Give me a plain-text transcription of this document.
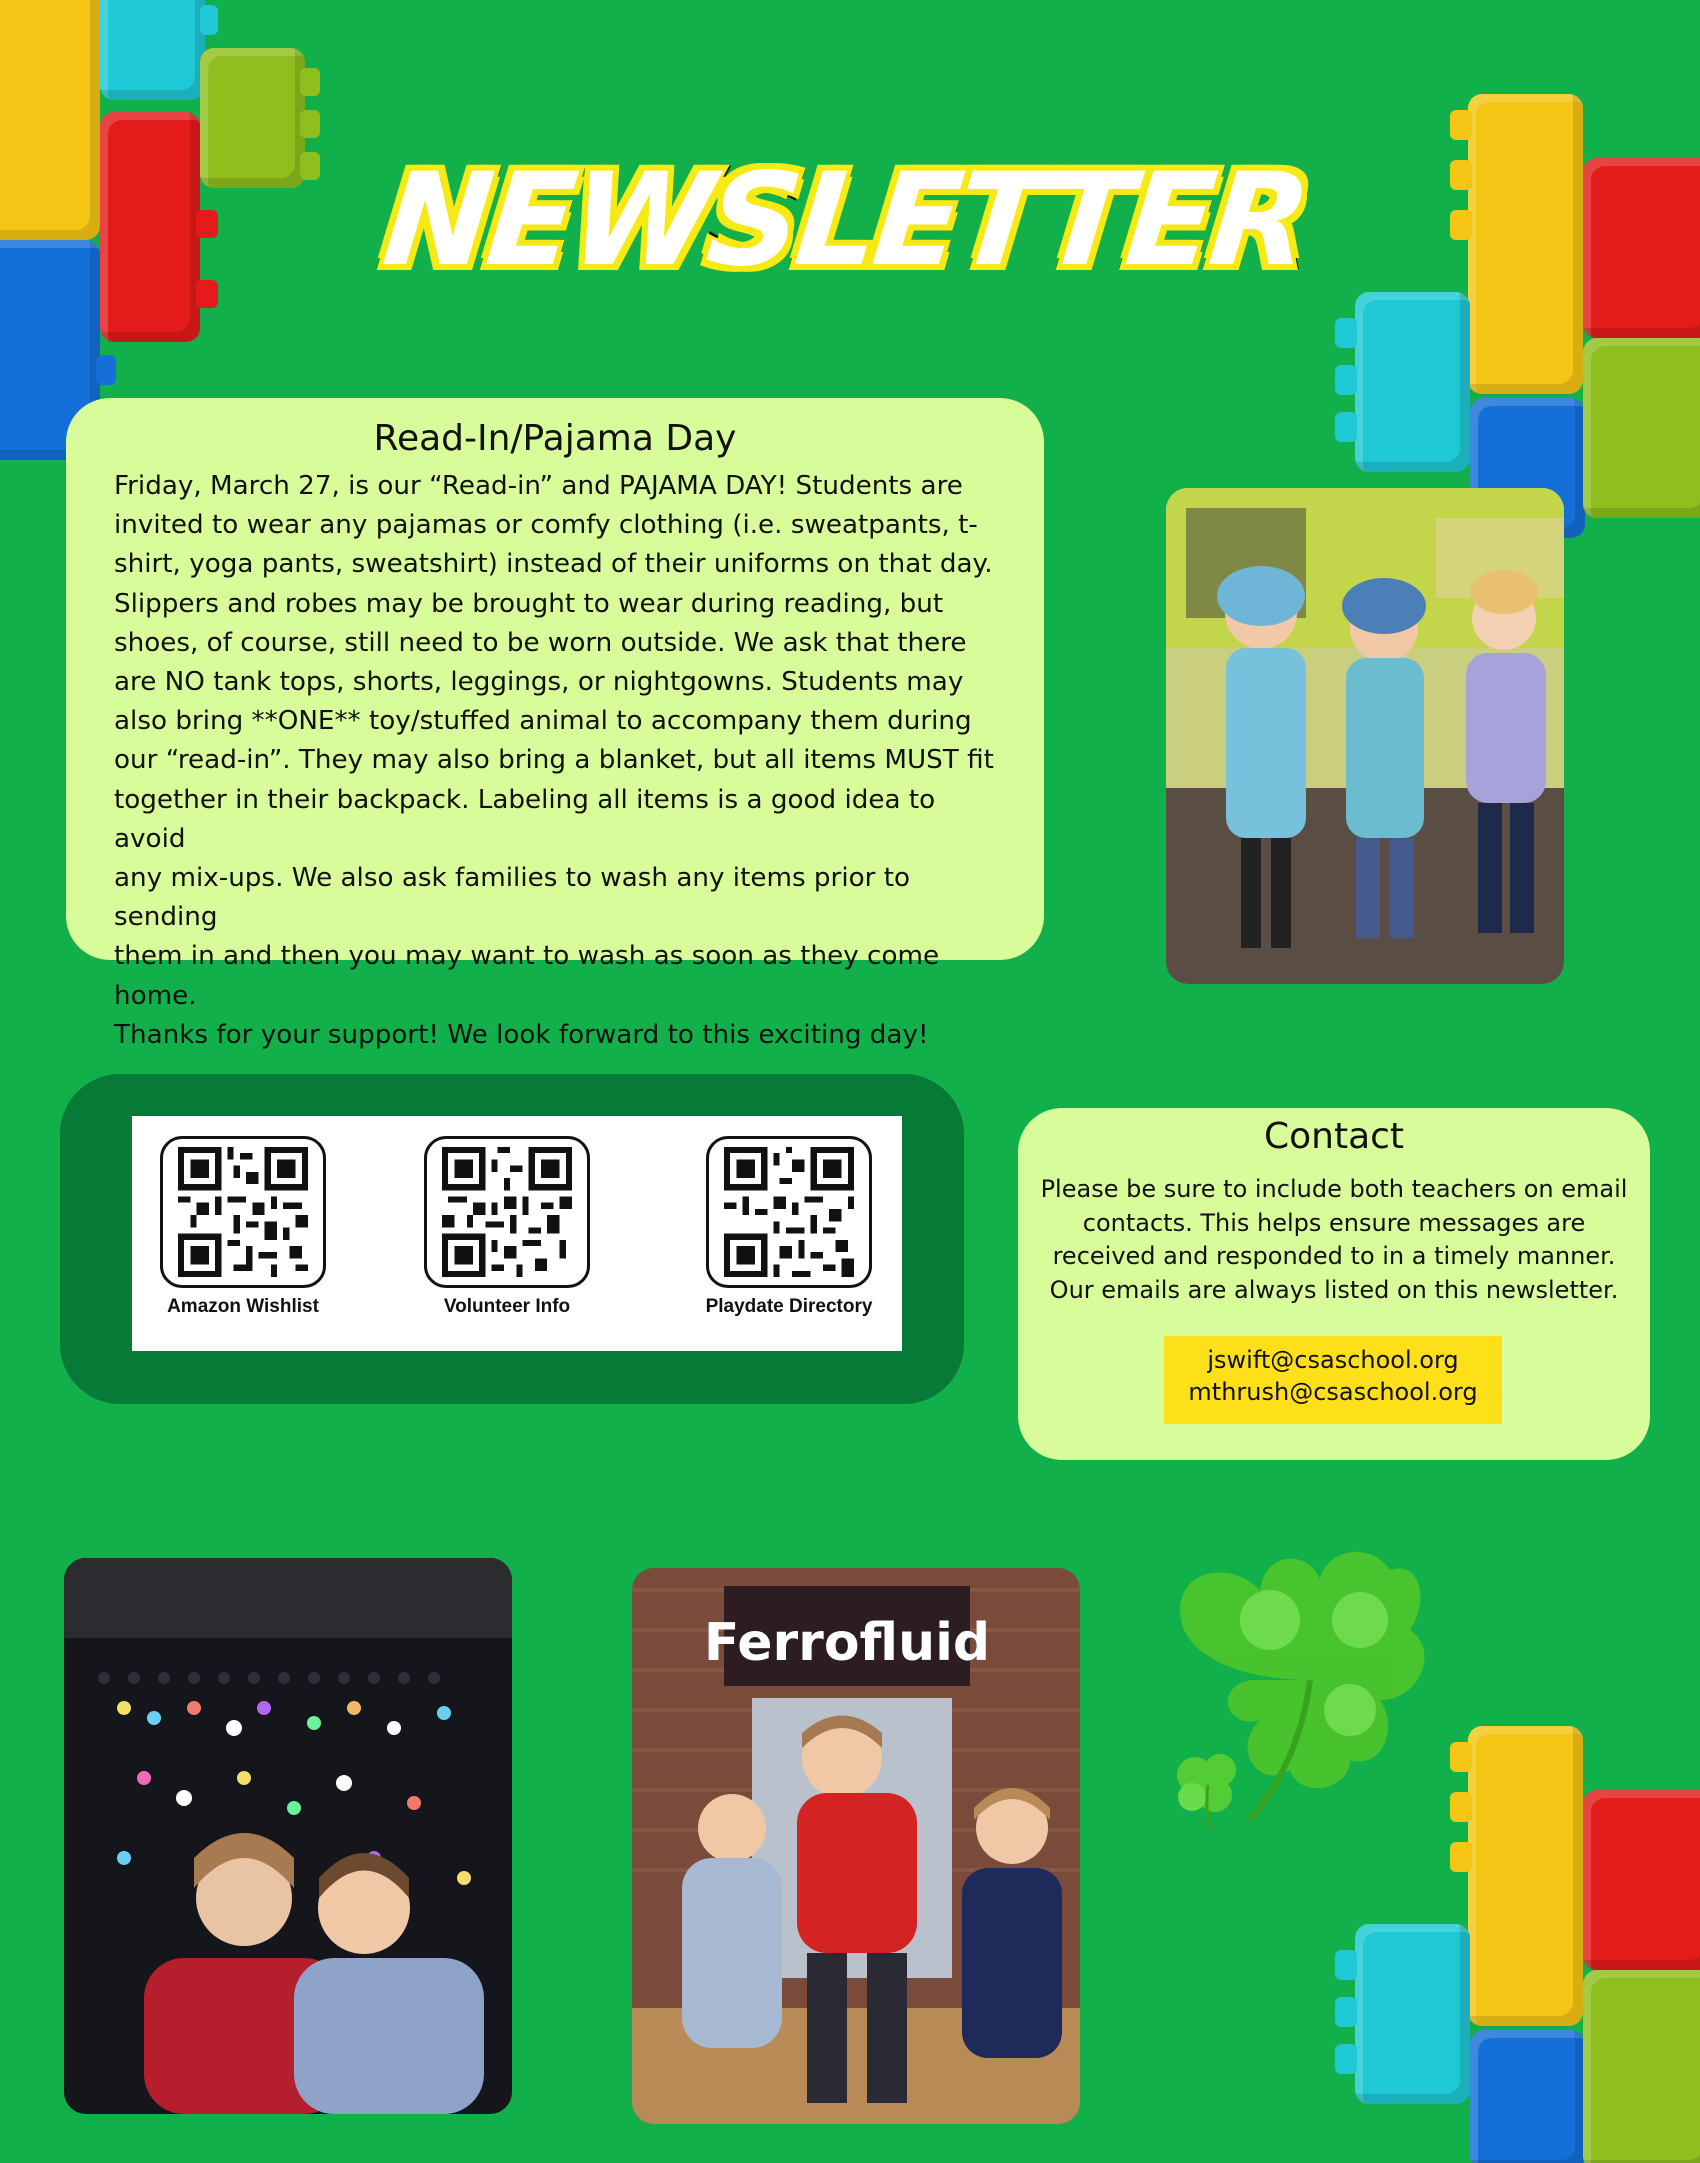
NEWSLETTER
Read-In/Pajama Day
Friday, March 27, is our “Read-in” and PAJAMA DAY! Students are
invited to wear any pajamas or comfy clothing (i.e. sweatpants, t-
shirt, yoga pants, sweatshirt) instead of their uniforms on that day.
Slippers and robes may be brought to wear during reading, but
shoes, of course, still need to be worn outside. We ask that there
are NO tank tops, shorts, leggings, or nightgowns. Students may
also bring **ONE** toy/stuffed animal to accompany them during
our “read-in”. They may also bring a blanket, but all items MUST fit
together in their backpack. Labeling all items is a good idea to avoid
any mix-ups. We also ask families to wash any items prior to sending
them in and then you may want to wash as soon as they come home.
Thanks for your support! We look forward to this exciting day!
Amazon Wishlist	Volunteer Info	Playdate Directory
Contact
Please be sure to include both teachers on email
contacts. This helps ensure messages are
received and responded to in a timely manner.
Our emails are always listed on this newsletter.
jswift@csaschool.org
mthrush@csaschool.org
Ferrofluid
